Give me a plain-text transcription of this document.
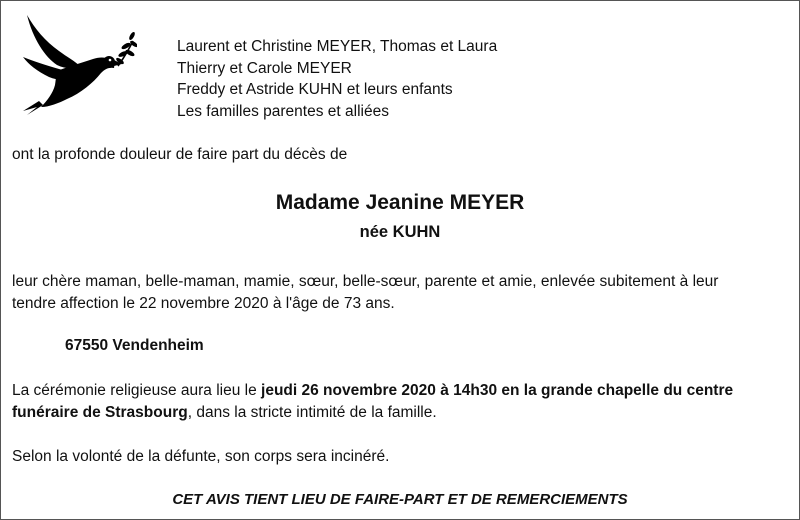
Laurent et Christine MEYER, Thomas et Laura
Thierry et Carole MEYER
Freddy et Astride KUHN et leurs enfants
Les familles parentes et alliées
ont la profonde douleur de faire part du décès de
Madame Jeanine MEYER
née KUHN
leur chère maman, belle-maman, mamie, sœur, belle-sœur, parente et amie, enlevée subitement à leur
tendre affection le 22 novembre 2020 à l'âge de 73 ans.
67550 Vendenheim
La cérémonie religieuse aura lieu le jeudi 26 novembre 2020 à 14h30 en la grande chapelle du centre funéraire de Strasbourg, dans la stricte intimité de la famille.
Selon la volonté de la défunte, son corps sera incinéré.
CET AVIS TIENT LIEU DE FAIRE-PART ET DE REMERCIEMENTS
